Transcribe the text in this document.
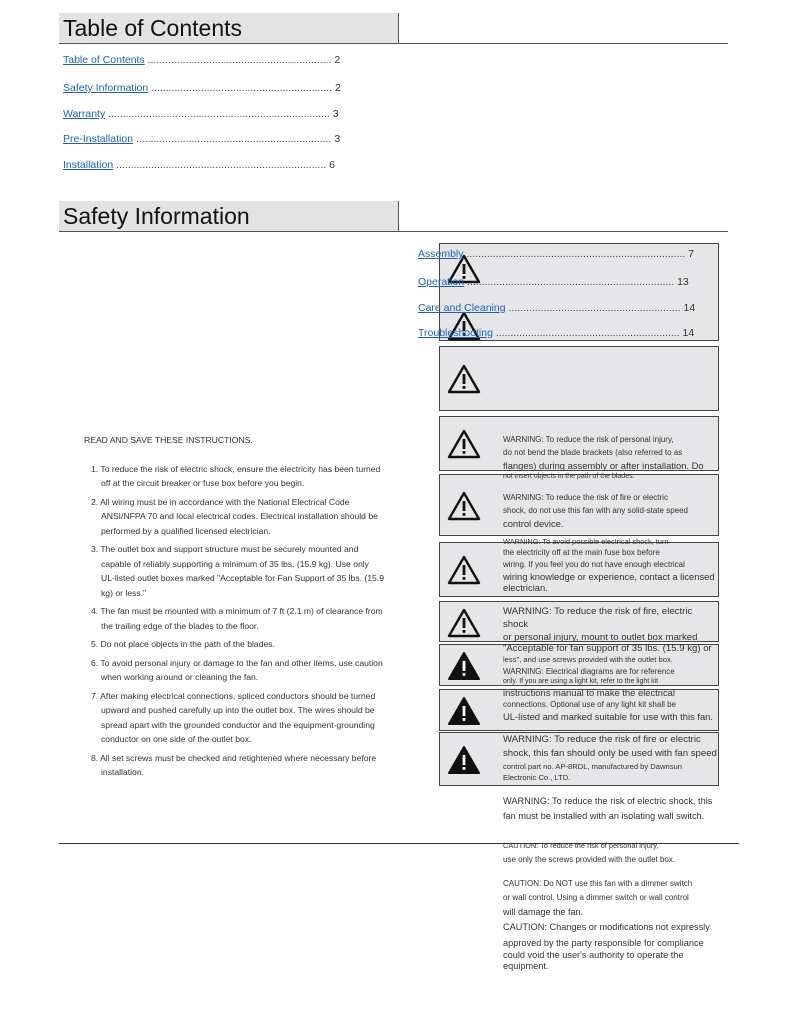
Table of Contents
Table of Contents ............................................................... 2
Safety Information .............................................................. 2
Warranty ............................................................................ 3
Pre-Installation ................................................................... 3
Installation ........................................................................ 6
Safety Information
Assembly ........................................................................... 7
Operation ....................................................................... 13
Care and Cleaning ........................................................... 14
Troubleshooting ............................................................... 14
READ AND SAVE THESE INSTRUCTIONS.
1. To reduce the risk of electric shock, ensure the electricity has been turned off at the circuit breaker or fuse box before you begin.
2. All wiring must be in accordance with the National Electrical Code ANSI/NFPA 70 and local electrical codes. Electrical installation should be performed by a qualified licensed electrician.
3. The outlet box and support structure must be securely mounted and capable of reliably supporting a minimum of 35 lbs. (15.9 kg). Use only UL-listed outlet boxes marked "Acceptable for Fan Support of 35 lbs. (15.9 kg) or less."
4. The fan must be mounted with a minimum of 7 ft (2.1 m) of clearance from the trailing edge of the blades to the floor.
5. Do not place objects in the path of the blades.
6. To avoid personal injury or damage to the fan and other items, use caution when working around or cleaning the fan.
7. After making electrical connections, spliced conductors should be turned upward and pushed carefully up into the outlet box. The wires should be spread apart with the grounded conductor and the equipment-grounding conductor on one side of the outlet box.
8. All set screws must be checked and retightened where necessary before installation.
WARNING: To reduce the risk of personal injury,
do not bend the blade brackets (also referred to as
flanges) during assembly or after installation. Do
not insert objects in the path of the blades.
WARNING: To reduce the risk of fire or electric
shock, do not use this fan with any solid-state speed
control device.
WARNING: To avoid possible electrical shock, turn
the electricity off at the main fuse box before
wiring. If you feel you do not have enough electrical
wiring knowledge or experience, contact a licensed
electrician.
WARNING: To reduce the risk of fire, electric shock
or personal injury, mount to outlet box marked
"Acceptable for fan support of 35 lbs. (15.9 kg) or
less", and use screws provided with the outlet box.
WARNING: Electrical diagrams are for reference
only. If you are using a light kit, refer to the light kit
instructions manual to make the electrical
connections. Optional use of any light kit shall be
UL-listed and marked suitable for use with this fan.
WARNING: To reduce the risk of fire or electric
shock, this fan should only be used with fan speed
control part no. AP-8RDL, manufactured by Dawnsun
Electronic Co., LTD.
WARNING: To reduce the risk of electric shock, this
fan must be installed with an isolating wall switch.
CAUTION: To reduce the risk of personal injury,
use only the screws provided with the outlet box.
CAUTION: Do NOT use this fan with a dimmer switch
or wall control. Using a dimmer switch or wall control
will damage the fan.
CAUTION: Changes or modifications not expressly
approved by the party responsible for compliance
could void the user's authority to operate the
equipment.
